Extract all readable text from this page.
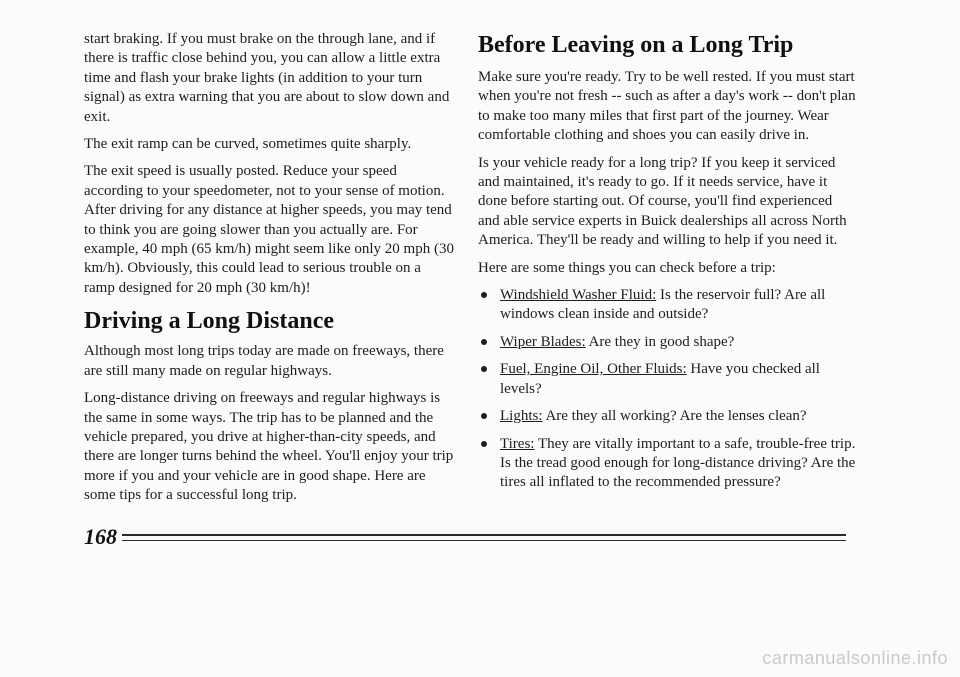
start braking. If you must brake on the through lane, and if there is traffic close behind you, you can allow a little extra time and flash your brake lights (in addition to your turn signal) as extra warning that you are about to slow down and exit.

The exit ramp can be curved, sometimes quite sharply.

The exit speed is usually posted. Reduce your speed according to your speedometer, not to your sense of motion. After driving for any distance at higher speeds, you may tend to think you are going slower than you actually are. For example, 40 mph (65 km/h) might seem like only 20 mph (30 km/h). Obviously, this could lead to serious trouble on a ramp designed for 20 mph (30 km/h)!

Driving a Long Distance

Although most long trips today are made on freeways, there are still many made on regular highways.

Long-distance driving on freeways and regular highways is the same in some ways. The trip has to be planned and the vehicle prepared, you drive at higher-than-city speeds, and there are longer turns behind the wheel. You'll enjoy your trip more if you and your vehicle are in good shape. Here are some tips for a successful long trip.

Before Leaving on a Long Trip

Make sure you're ready. Try to be well rested. If you must start when you're not fresh -- such as after a day's work -- don't plan to make too many miles that first part of the journey. Wear comfortable clothing and shoes you can easily drive in.

Is your vehicle ready for a long trip? If you keep it serviced and maintained, it's ready to go. If it needs service, have it done before starting out. Of course, you'll find experienced and able service experts in Buick dealerships all across North America. They'll be ready and willing to help if you need it.

Here are some things you can check before a trip:

Windshield Washer Fluid: Is the reservoir full? Are all windows clean inside and outside?
Wiper Blades: Are they in good shape?
Fuel, Engine Oil, Other Fluids: Have you checked all levels?
Lights: Are they all working? Are the lenses clean?
Tires: They are vitally important to a safe, trouble-free trip. Is the tread good enough for long-distance driving? Are the tires all inflated to the recommended pressure?
168
carmanualsonline.info
